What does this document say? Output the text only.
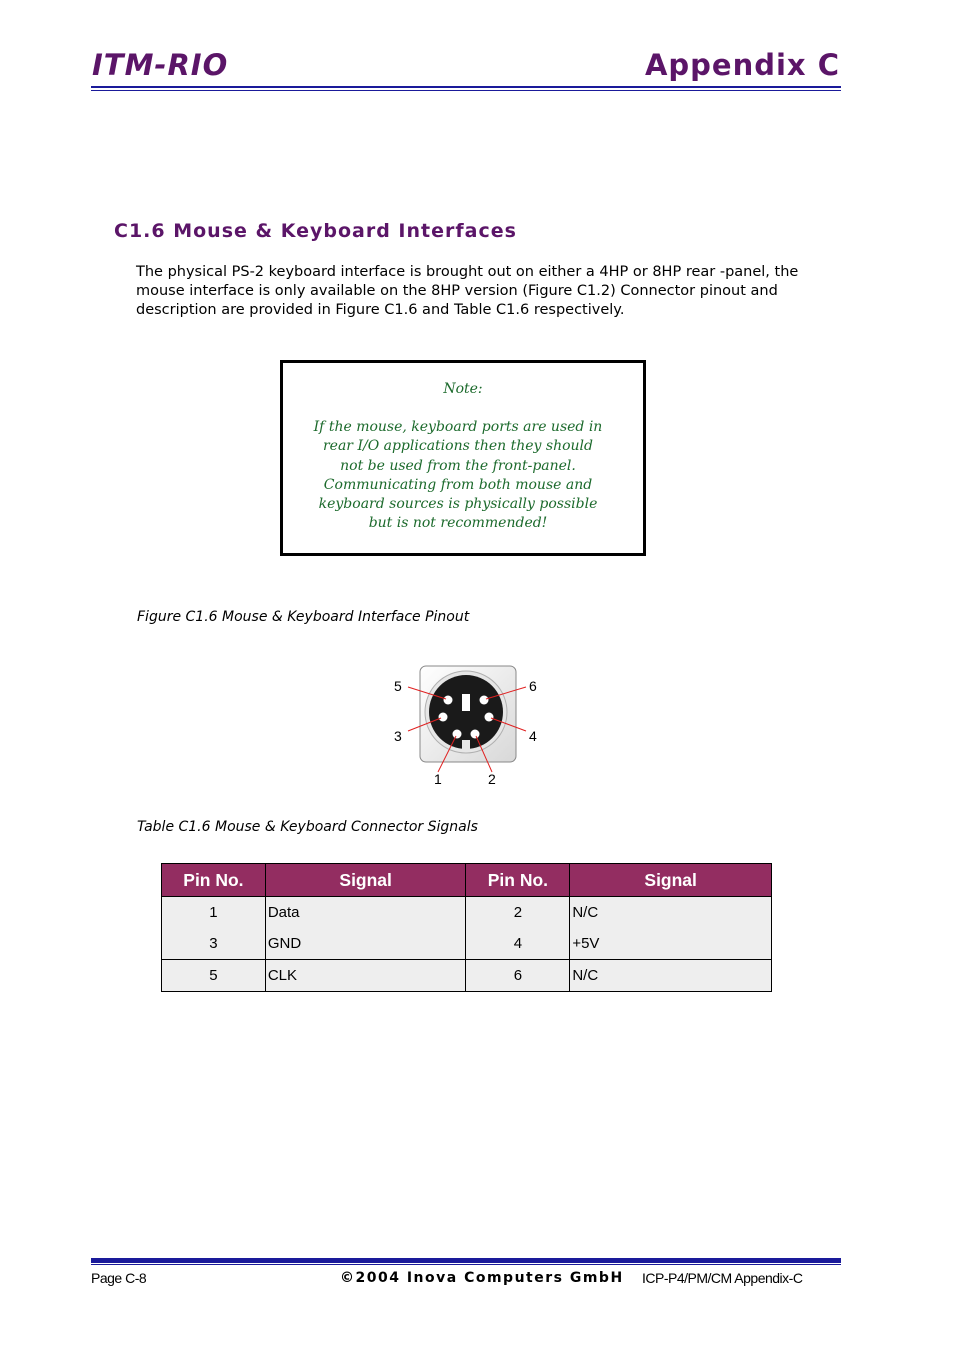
ITM-RIO	Appendix C
C1.6 Mouse & Keyboard Interfaces

The physical PS-2 keyboard interface is brought out on either a 4HP or 8HP rear -panel, the mouse interface is only available on the 8HP version (Figure C1.2) Connector pinout and description are provided in Figure C1.6 and Table C1.6 respectively.

Note:

If the mouse, keyboard ports are used in rear I/O applications then they should not be used from the front-panel. Communicating from both mouse and keyboard sources is physically possible but is not recommended!

Figure C1.6 Mouse & Keyboard Interface Pinout
5	6
3	4
1	2
Table C1.6 Mouse & Keyboard Connector Signals
Pin No.	Signal	Pin No.	Signal
1	Data	2	N/C
3	GND	4	+5V
5	CLK	6	N/C
Page C-8	©2004 Inova Computers GmbH ICP-P4/PM/CM Appendix-C
